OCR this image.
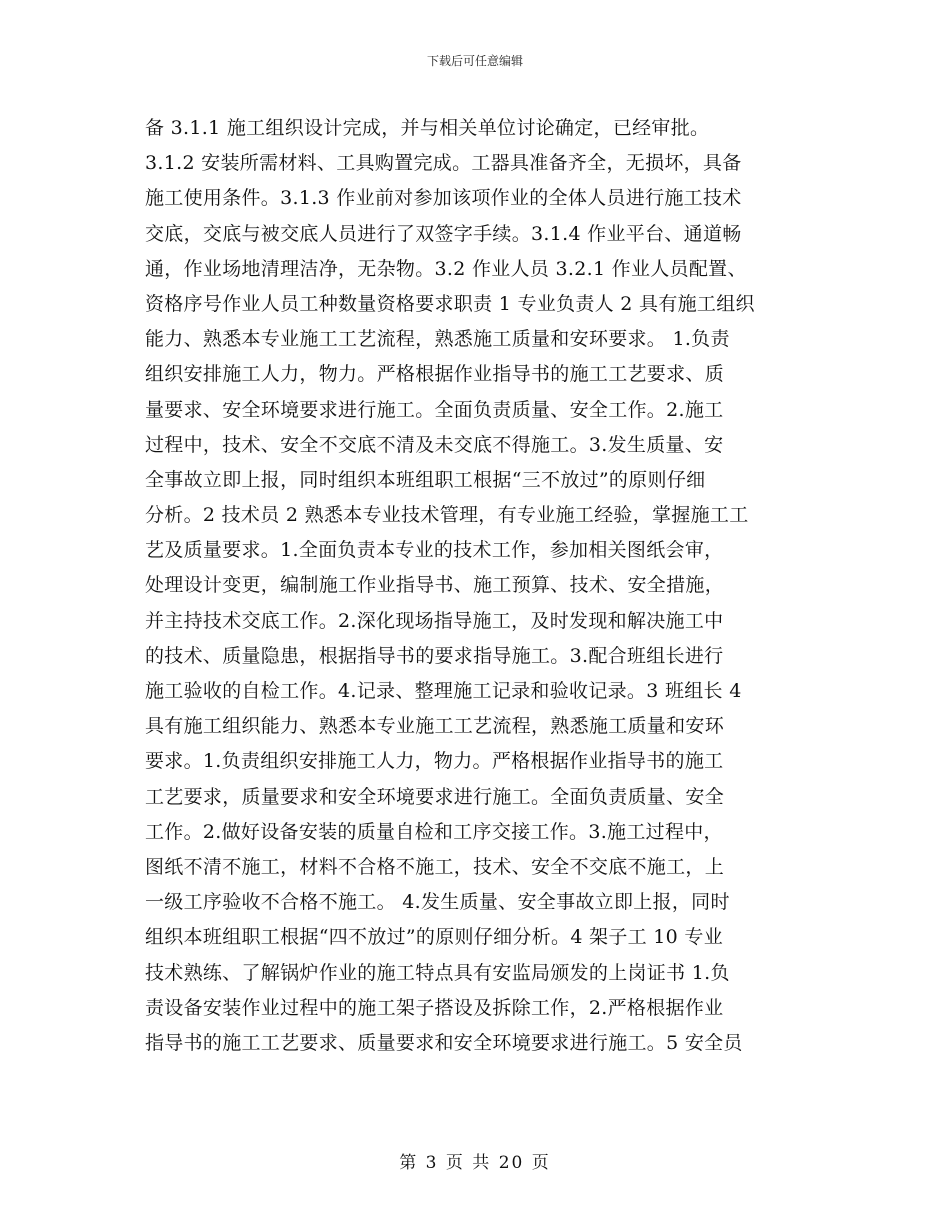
下载后可任意编辑
备 3.1.1 施工组织设计完成，并与相关单位讨论确定，已经审批。
3.1.2 安装所需材料、工具购置完成。工器具准备齐全，无损坏，具备
施工使用条件。3.1.3 作业前对参加该项作业的全体人员进行施工技术
交底，交底与被交底人员进行了双签字手续。3.1.4 作业平台、通道畅
通，作业场地清理洁净，无杂物。3.2 作业人员 3.2.1 作业人员配置、
资格序号作业人员工种数量资格要求职责 1 专业负责人 2 具有施工组织
能力、熟悉本专业施工工艺流程，熟悉施工质量和安环要求。 1.负责
组织安排施工人力，物力。严格根据作业指导书的施工工艺要求、质
量要求、安全环境要求进行施工。全面负责质量、安全工作。2.施工
过程中，技术、安全不交底不清及未交底不得施工。3.发生质量、安
全事故立即上报，同时组织本班组职工根据“三不放过”的原则仔细
分析。2 技术员 2 熟悉本专业技术管理，有专业施工经验，掌握施工工
艺及质量要求。1.全面负责本专业的技术工作，参加相关图纸会审，
处理设计变更，编制施工作业指导书、施工预算、技术、安全措施，
并主持技术交底工作。2.深化现场指导施工，及时发现和解决施工中
的技术、质量隐患，根据指导书的要求指导施工。3.配合班组长进行
施工验收的自检工作。4.记录、整理施工记录和验收记录。3 班组长 4
具有施工组织能力、熟悉本专业施工工艺流程，熟悉施工质量和安环
要求。1.负责组织安排施工人力，物力。严格根据作业指导书的施工
工艺要求，质量要求和安全环境要求进行施工。全面负责质量、安全
工作。2.做好设备安装的质量自检和工序交接工作。3.施工过程中，
图纸不清不施工，材料不合格不施工，技术、安全不交底不施工，上
一级工序验收不合格不施工。 4.发生质量、安全事故立即上报，同时
组织本班组职工根据“四不放过”的原则仔细分析。4 架子工 10 专业
技术熟练、了解锅炉作业的施工特点具有安监局颁发的上岗证书 1.负
责设备安装作业过程中的施工架子搭设及拆除工作，2.严格根据作业
指导书的施工工艺要求、质量要求和安全环境要求进行施工。5 安全员
第 3 页 共 20 页
